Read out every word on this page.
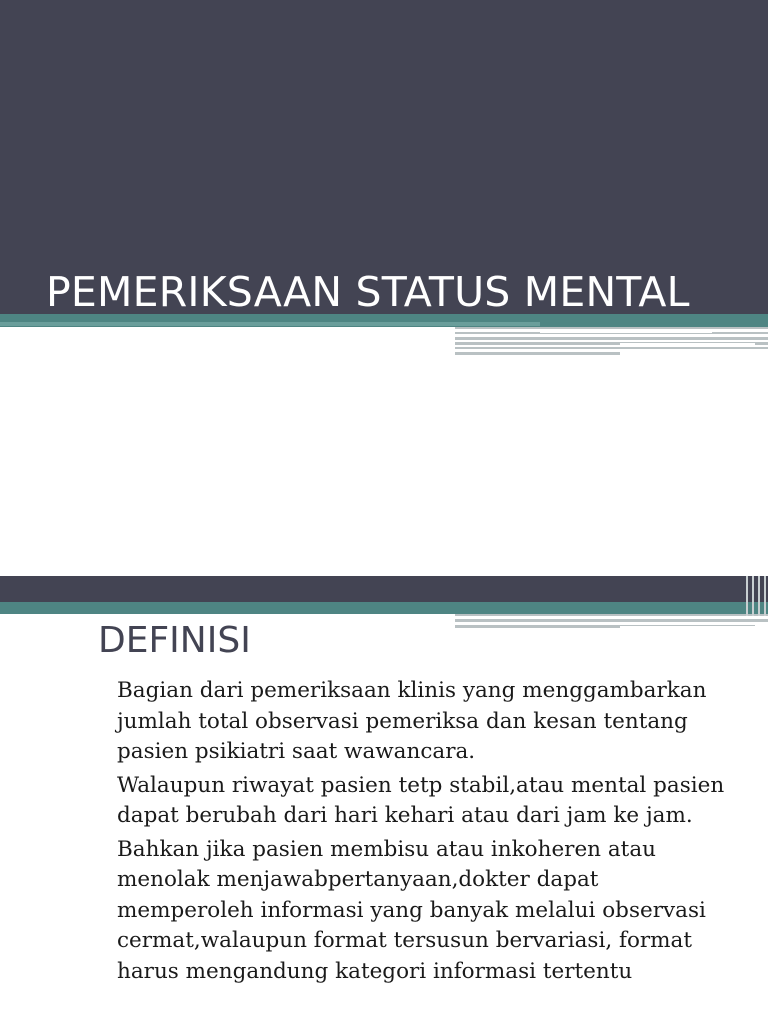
PEMERIKSAAN STATUS MENTAL
DEFINISI

Bagian dari pemeriksaan klinis yang menggambarkan jumlah total observasi pemeriksa dan kesan tentang pasien psikiatri saat wawancara.

Walaupun riwayat pasien tetp stabil,atau mental pasien dapat berubah dari hari kehari atau dari jam ke jam.

Bahkan jika pasien membisu atau inkoheren atau menolak menjawabpertanyaan,dokter dapat memperoleh informasi yang banyak melalui observasi cermat,walaupun format tersusun bervariasi, format harus mengandung kategori informasi tertentu
